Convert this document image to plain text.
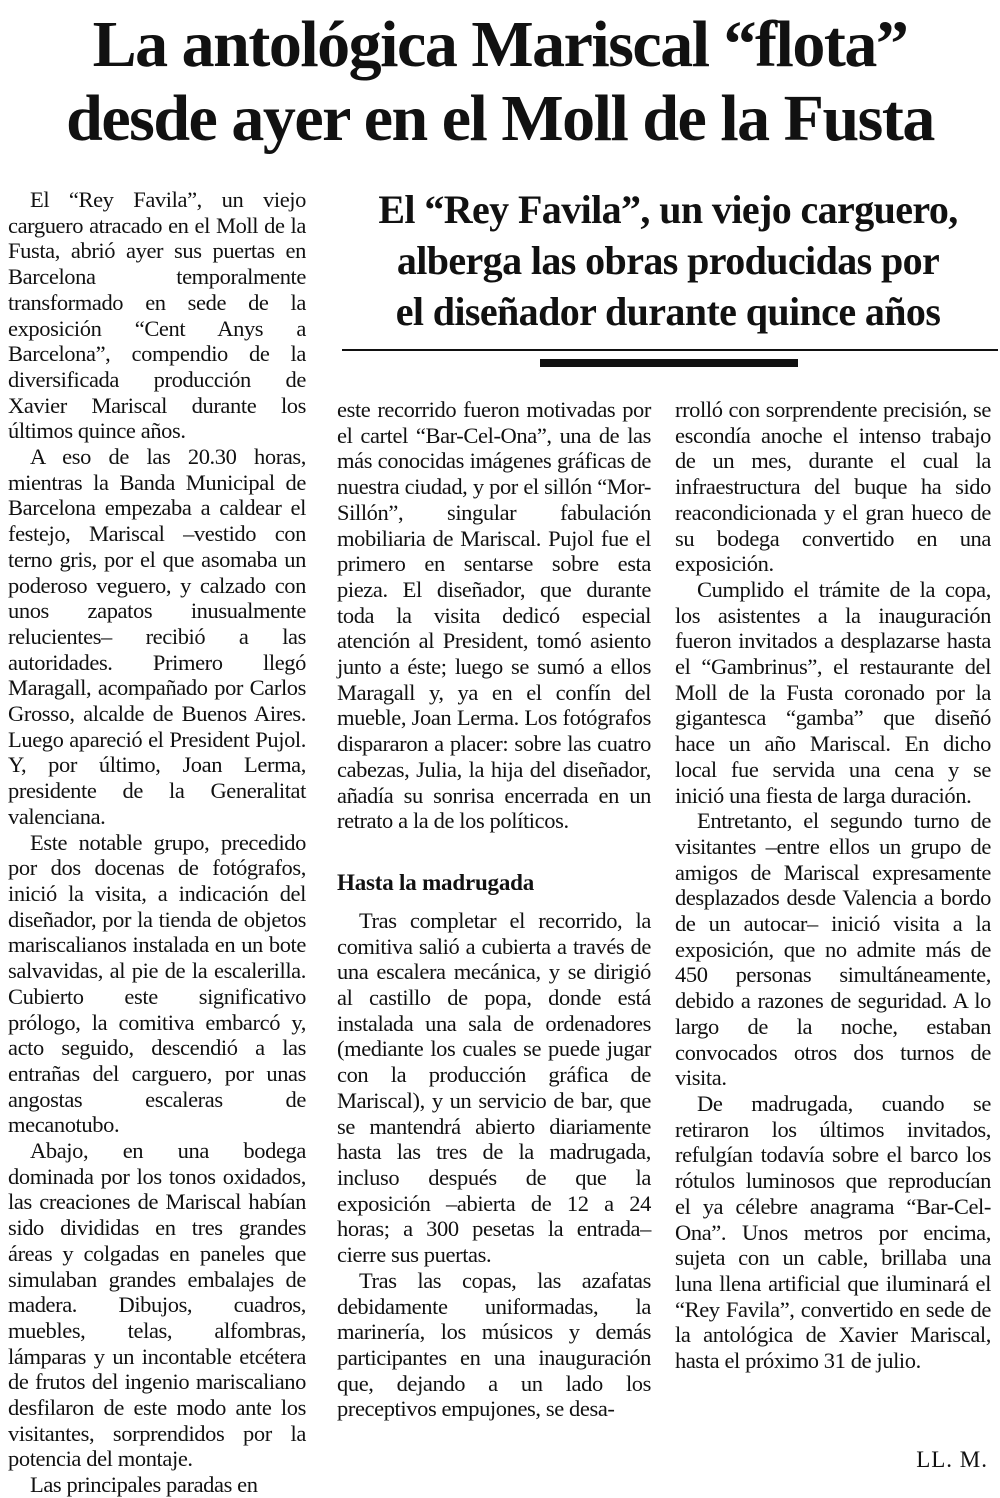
La antológica Mariscal “flota”
desde ayer en el Moll de la Fusta
El “Rey Favila”, un viejo carguero,
alberga las obras producidas por
el diseñador durante quince años

El “Rey Favila”, un viejo carguero atracado en el Moll de la Fusta, abrió ayer sus puertas en Barcelona temporalmente transformado en sede de la exposición “Cent Anys a Barcelona”, compendio de la diversificada producción de Xavier Mariscal durante los últimos quince años.

A eso de las 20.30 horas, mientras la Banda Municipal de Barcelona empezaba a caldear el festejo, Mariscal –vestido con terno gris, por el que asomaba un poderoso veguero, y calzado con unos zapatos inusualmente relucientes– recibió a las autoridades. Primero llegó Maragall, acompañado por Carlos Grosso, alcalde de Buenos Aires. Luego apareció el President Pujol. Y, por último, Joan Lerma, presidente de la Generalitat valenciana.

Este notable grupo, precedido por dos docenas de fotógrafos, inició la visita, a indicación del diseñador, por la tienda de objetos mariscalianos instalada en un bote salvavidas, al pie de la escalerilla. Cubierto este significativo prólogo, la comitiva embarcó y, acto seguido, descendió a las entrañas del carguero, por unas angostas escaleras de mecanotubo.

Abajo, en una bodega dominada por los tonos oxidados, las creaciones de Mariscal habían sido divididas en tres grandes áreas y colgadas en paneles que simulaban grandes embalajes de madera. Dibujos, cuadros, muebles, telas, alfombras, lámparas y un incontable etcétera de frutos del ingenio mariscaliano desfilaron de este modo ante los visitantes, sorprendidos por la potencia del montaje.

Las principales paradas en

este recorrido fueron motivadas por el cartel “Bar-Cel-Ona”, una de las más conocidas imágenes gráficas de nuestra ciudad, y por el sillón “Mor-Sillón”, singular fabulación mobiliaria de Mariscal. Pujol fue el primero en sentarse sobre esta pieza. El diseñador, que durante toda la visita dedicó especial atención al President, tomó asiento junto a éste; luego se sumó a ellos Maragall y, ya en el confín del mueble, Joan Lerma. Los fotógrafos dispararon a placer: sobre las cuatro cabezas, Julia, la hija del diseñador, añadía su sonrisa encerrada en un retrato a la de los políticos.

Hasta la madrugada

Tras completar el recorrido, la comitiva salió a cubierta a través de una escalera mecánica, y se dirigió al castillo de popa, donde está instalada una sala de ordenadores (mediante los cuales se puede jugar con la producción gráfica de Mariscal), y un servicio de bar, que se mantendrá abierto diariamente hasta las tres de la madrugada, incluso después de que la exposición –abierta de 12 a 24 horas; a 300 pesetas la entrada– cierre sus puertas.

Tras las copas, las azafatas debidamente uniformadas, la marinería, los músicos y demás participantes en una inauguración que, dejando a un lado los preceptivos empujones, se desa-

rrolló con sorprendente precisión, se escondía anoche el intenso trabajo de un mes, durante el cual la infraestructura del buque ha sido reacondicionada y el gran hueco de su bodega convertido en una exposición.

Cumplido el trámite de la copa, los asistentes a la inauguración fueron invitados a desplazarse hasta el “Gambrinus”, el restaurante del Moll de la Fusta coronado por la gigantesca “gamba” que diseñó hace un año Mariscal. En dicho local fue servida una cena y se inició una fiesta de larga duración.

Entretanto, el segundo turno de visitantes –entre ellos un grupo de amigos de Mariscal expresamente desplazados desde Valencia a bordo de un autocar– inició visita a la exposición, que no admite más de 450 personas simultáneamente, debido a razones de seguridad. A lo largo de la noche, estaban convocados otros dos turnos de visita.

De madrugada, cuando se retiraron los últimos invitados, refulgían todavía sobre el barco los rótulos luminosos que reproducían el ya célebre anagrama “Bar-Cel-Ona”. Unos metros por encima, sujeta con un cable, brillaba una luna llena artificial que iluminará el “Rey Favila”, convertido en sede de la antológica de Xavier Mariscal, hasta el próximo 31 de julio.

LL. M.
